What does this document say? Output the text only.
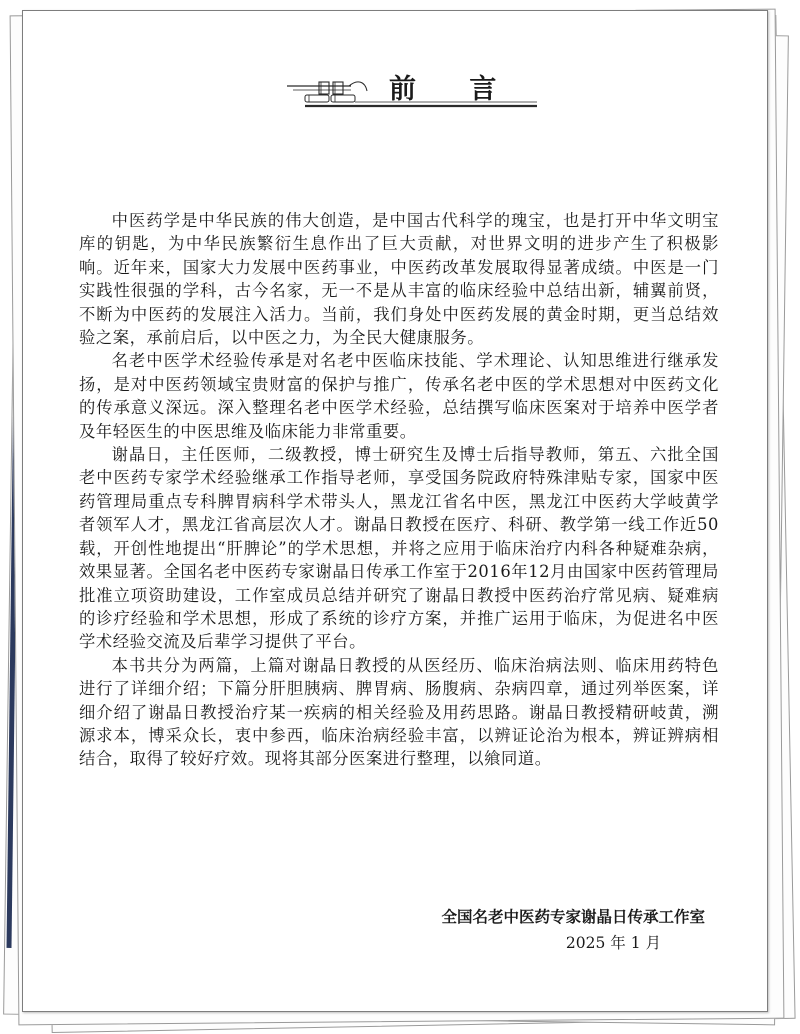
前 言

中医药学是中华民族的伟大创造，是中国古代科学的瑰宝，也是打开中华文明宝库的钥匙，为中华民族繁衍生息作出了巨大贡献，对世界文明的进步产生了积极影响。近年来，国家大力发展中医药事业，中医药改革发展取得显著成绩。中医是一门实践性很强的学科，古今名家，无一不是从丰富的临床经验中总结出新，辅翼前贤，不断为中医药的发展注入活力。当前，我们身处中医药发展的黄金时期，更当总结效验之案，承前启后，以中医之力，为全民大健康服务。

名老中医学术经验传承是对名老中医临床技能、学术理论、认知思维进行继承发扬，是对中医药领域宝贵财富的保护与推广，传承名老中医的学术思想对中医药文化的传承意义深远。深入整理名老中医学术经验，总结撰写临床医案对于培养中医学者及年轻医生的中医思维及临床能力非常重要。

谢晶日，主任医师，二级教授，博士研究生及博士后指导教师，第五、六批全国老中医药专家学术经验继承工作指导老师，享受国务院政府特殊津贴专家，国家中医药管理局重点专科脾胃病科学术带头人，黑龙江省名中医，黑龙江中医药大学岐黄学者领军人才，黑龙江省高层次人才。谢晶日教授在医疗、科研、教学第一线工作近50载，开创性地提出“肝脾论”的学术思想，并将之应用于临床治疗内科各种疑难杂病，效果显著。全国名老中医药专家谢晶日传承工作室于2016年12月由国家中医药管理局批准立项资助建设，工作室成员总结并研究了谢晶日教授中医药治疗常见病、疑难病的诊疗经验和学术思想，形成了系统的诊疗方案，并推广运用于临床，为促进名中医学术经验交流及后辈学习提供了平台。

本书共分为两篇，上篇对谢晶日教授的从医经历、临床治病法则、临床用药特色进行了详细介绍；下篇分肝胆胰病、脾胃病、肠腹病、杂病四章，通过列举医案，详细介绍了谢晶日教授治疗某一疾病的相关经验及用药思路。谢晶日教授精研岐黄，溯源求本，博采众长，衷中参西，临床治病经验丰富，以辨证论治为根本，辨证辨病相结合，取得了较好疗效。现将其部分医案进行整理，以飨同道。

全国名老中医药专家谢晶日传承工作室
2025 年 1 月
